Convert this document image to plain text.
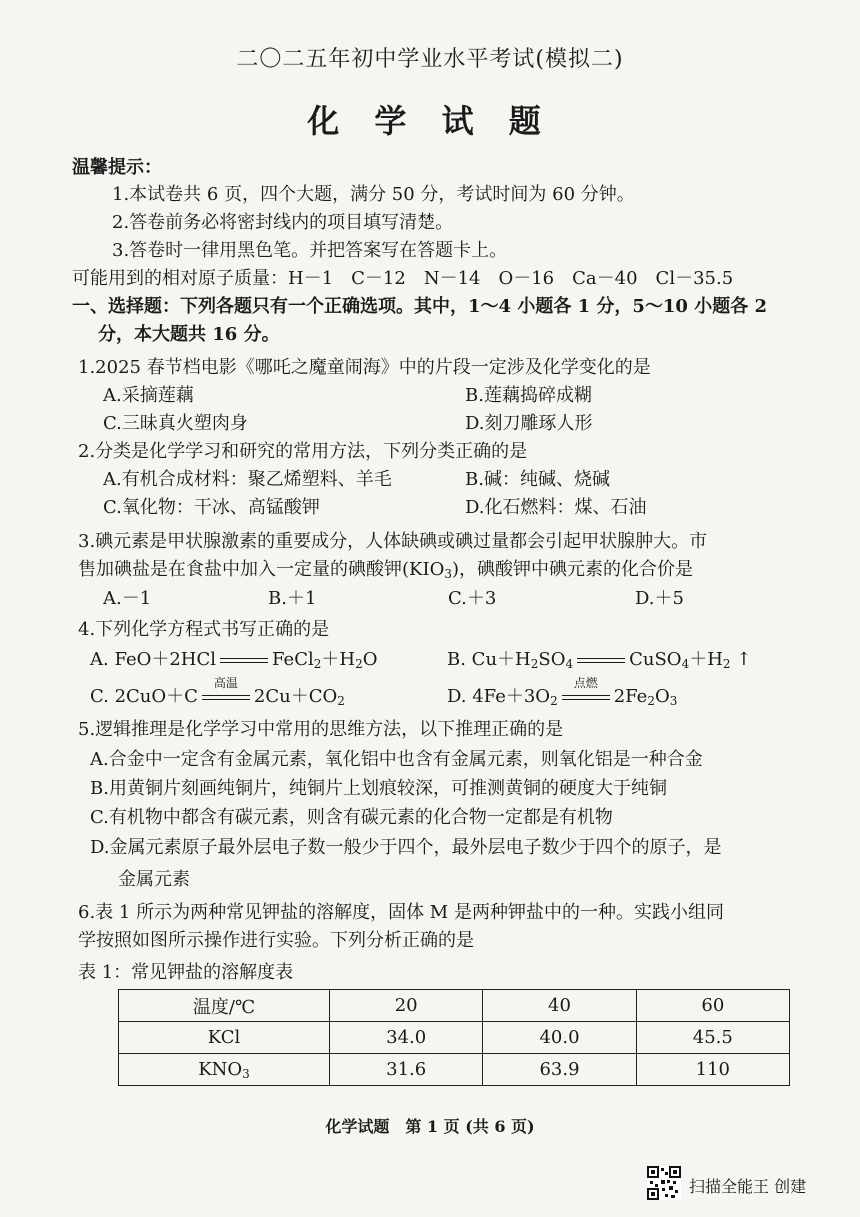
二〇二五年初中学业水平考试(模拟二)
化 学 试 题
温馨提示：
1.本试卷共 6 页，四个大题，满分 50 分，考试时间为 60 分钟。
2.答卷前务必将密封线内的项目填写清楚。
3.答卷时一律用黑色笔。并把答案写在答题卡上。
可能用到的相对原子质量：H－1　C－12　N－14　O－16　Ca－40　Cl－35.5
一、选择题：下列各题只有一个正确选项。其中，1～4 小题各 1 分，5～10 小题各 2
分，本大题共 16 分。
1.2025 春节档电影《哪吒之魔童闹海》中的片段一定涉及化学变化的是
A.采摘莲藕	B.莲藕捣碎成糊
C.三昧真火塑肉身	D.刻刀雕琢人形
2.分类是化学学习和研究的常用方法，下列分类正确的是
A.有机合成材料：聚乙烯塑料、羊毛	B.碱：纯碱、烧碱
C.氧化物：干冰、高锰酸钾	D.化石燃料：煤、石油
3.碘元素是甲状腺激素的重要成分，人体缺碘或碘过量都会引起甲状腺肿大。市
售加碘盐是在食盐中加入一定量的碘酸钾$(KIO_3)$，碘酸钾中碘元素的化合价是
A.－1	B.＋1	C.＋3	D.＋5
4.下列化学方程式书写正确的是
A. FeO＋2HCl	$FeCl_2+H_2O$	B. $Cu+H_2SO_4$	$CuSO_4+H_2$ ↑
C. 2CuO＋C
高温
$2Cu+CO_2$	D. $4Fe+3O_2$
点燃
$2Fe_2O_3$
5.逻辑推理是化学学习中常用的思维方法，以下推理正确的是
A.合金中一定含有金属元素，氧化铝中也含有金属元素，则氧化铝是一种合金
B.用黄铜片刻画纯铜片，纯铜片上划痕较深，可推测黄铜的硬度大于纯铜
C.有机物中都含有碳元素，则含有碳元素的化合物一定都是有机物
D.金属元素原子最外层电子数一般少于四个，最外层电子数少于四个的原子，是
金属元素
6.表 1 所示为两种常见钾盐的溶解度，固体 M 是两种钾盐中的一种。实践小组同
学按照如图所示操作进行实验。下列分析正确的是
表 1：常见钾盐的溶解度表
温度/℃	20	40	60
KCl	34.0	40.0	45.5
$KNO_3$	31.6	63.9	110
化学试题　第 1 页 (共 6 页)
扫描全能王 创建
